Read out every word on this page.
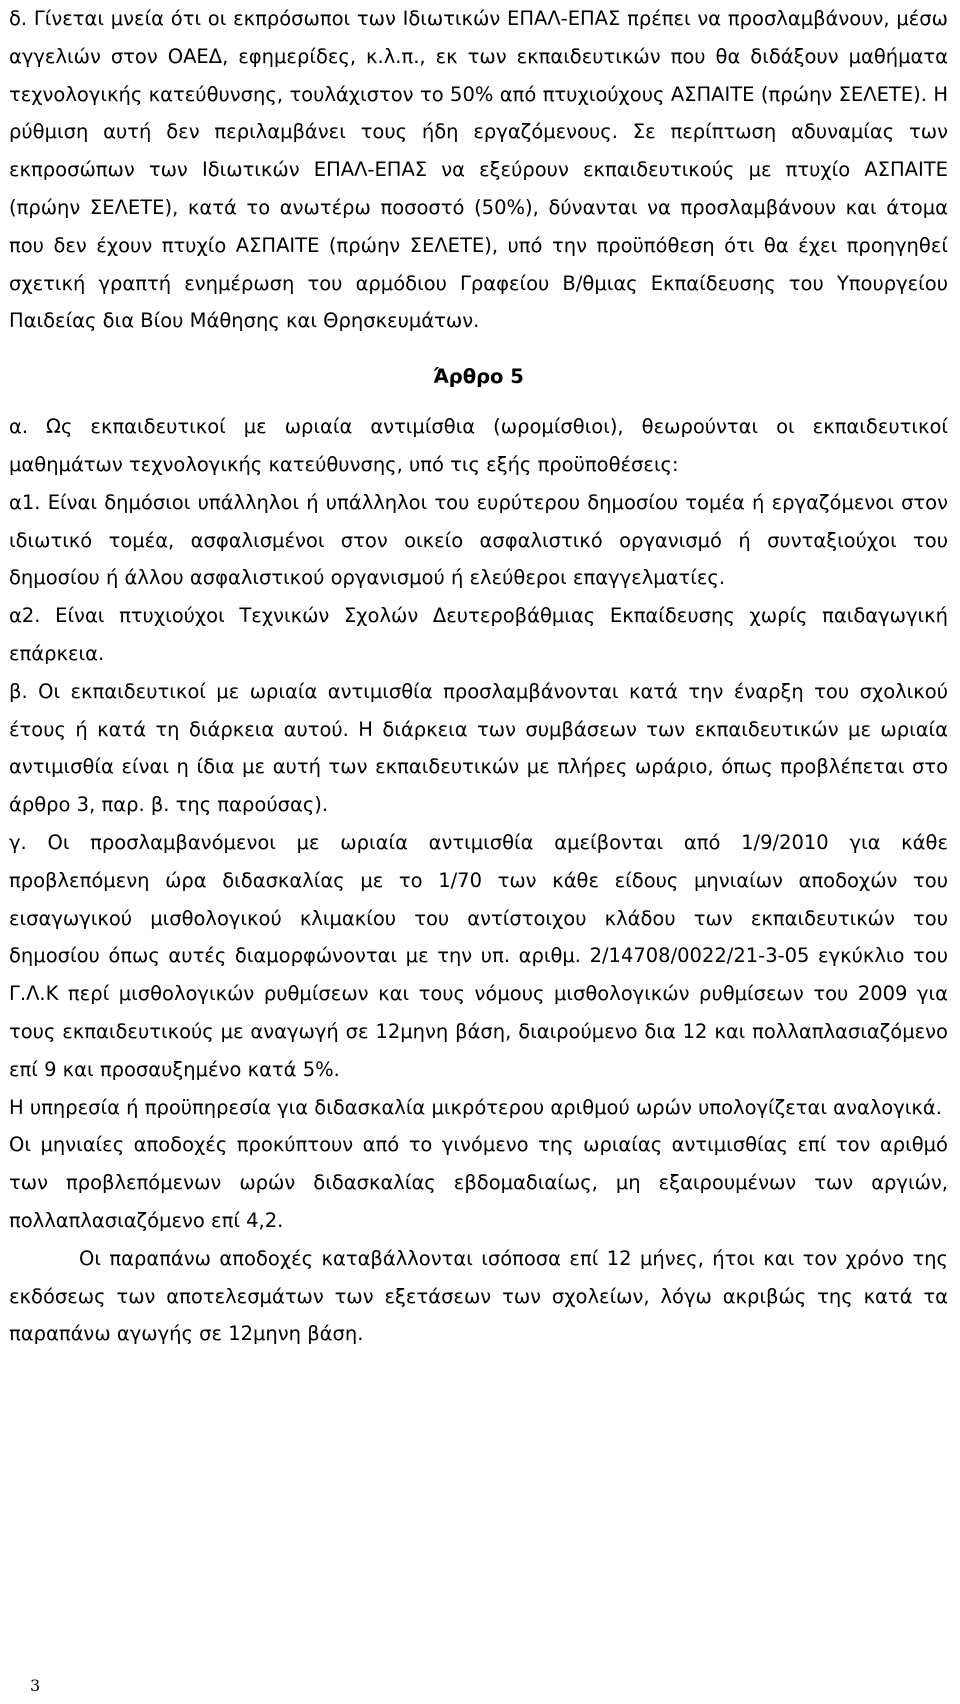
δ. Γίνεται μνεία ότι οι εκπρόσωποι των Ιδιωτικών ΕΠΑΛ-ΕΠΑΣ πρέπει να προσλαμβάνουν, μέσω αγγελιών στον ΟΑΕΔ, εφημερίδες, κ.λ.π., εκ των εκπαιδευτικών που θα διδάξουν μαθήματα τεχνολογικής κατεύθυνσης, τουλάχιστον το 50% από πτυχιούχους ΑΣΠΑΙΤΕ (πρώην ΣΕΛΕΤΕ). Η ρύθμιση αυτή δεν περιλαμβάνει τους ήδη εργαζόμενους. Σε περίπτωση αδυναμίας των εκπροσώπων των Ιδιωτικών ΕΠΑΛ-ΕΠΑΣ να εξεύρουν εκπαιδευτικούς με πτυχίο ΑΣΠΑΙΤΕ (πρώην ΣΕΛΕΤΕ), κατά το ανωτέρω ποσοστό (50%), δύνανται να προσλαμβάνουν και άτομα που δεν έχουν πτυχίο ΑΣΠΑΙΤΕ (πρώην ΣΕΛΕΤΕ), υπό την προϋπόθεση ότι θα έχει προηγηθεί σχετική γραπτή ενημέρωση του αρμόδιου Γραφείου Β/θμιας Εκπαίδευσης του Υπουργείου Παιδείας δια Βίου Μάθησης και Θρησκευμάτων.

Άρθρο 5

α. Ως εκπαιδευτικοί με ωριαία αντιμίσθια (ωρομίσθιοι), θεωρούνται οι εκπαιδευτικοί μαθημάτων τεχνολογικής κατεύθυνσης, υπό τις εξής προϋποθέσεις:

α1. Είναι δημόσιοι υπάλληλοι ή υπάλληλοι του ευρύτερου δημοσίου τομέα ή εργαζόμενοι στον ιδιωτικό τομέα, ασφαλισμένοι στον οικείο ασφαλιστικό οργανισμό ή συνταξιούχοι του δημοσίου ή άλλου ασφαλιστικού οργανισμού ή ελεύθεροι επαγγελματίες.

α2. Είναι πτυχιούχοι Τεχνικών Σχολών Δευτεροβάθμιας Εκπαίδευσης χωρίς παιδαγωγική επάρκεια.

β. Οι εκπαιδευτικοί με ωριαία αντιμισθία προσλαμβάνονται κατά την έναρξη του σχολικού έτους ή κατά τη διάρκεια αυτού. Η διάρκεια των συμβάσεων των εκπαιδευτικών με ωριαία αντιμισθία είναι η ίδια με αυτή των εκπαιδευτικών με πλήρες ωράριο, όπως προβλέπεται στο άρθρο 3, παρ. β. της παρούσας).

γ. Οι προσλαμβανόμενοι με ωριαία αντιμισθία αμείβονται από 1/9/2010 για κάθε προβλεπόμενη ώρα διδασκαλίας με το 1/70 των κάθε είδους μηνιαίων αποδοχών του εισαγωγικού μισθολογικού κλιμακίου του αντίστοιχου κλάδου των εκπαιδευτικών του δημοσίου όπως αυτές διαμορφώνονται με την υπ. αριθμ. 2/14708/0022/21-3-05 εγκύκλιο του Γ.Λ.Κ περί μισθολογικών ρυθμίσεων και τους νόμους μισθολογικών ρυθμίσεων του 2009 για τους εκπαιδευτικούς με αναγωγή σε 12μηνη βάση, διαιρούμενο δια 12 και πολλαπλασιαζόμενο επί 9 και προσαυξημένο κατά 5%.

Η υπηρεσία ή προϋπηρεσία για διδασκαλία μικρότερου αριθμού ωρών υπολογίζεται αναλογικά.

Οι μηνιαίες αποδοχές προκύπτουν από το γινόμενο της ωριαίας αντιμισθίας επί τον αριθμό των προβλεπόμενων ωρών διδασκαλίας εβδομαδιαίως, μη εξαιρουμένων των αργιών, πολλαπλασιαζόμενο επί 4,2.

Οι παραπάνω αποδοχές καταβάλλονται ισόποσα επί 12 μήνες, ήτοι και τον χρόνο της εκδόσεως των αποτελεσμάτων των εξετάσεων των σχολείων, λόγω ακριβώς της κατά τα παραπάνω αγωγής σε 12μηνη βάση.

3
